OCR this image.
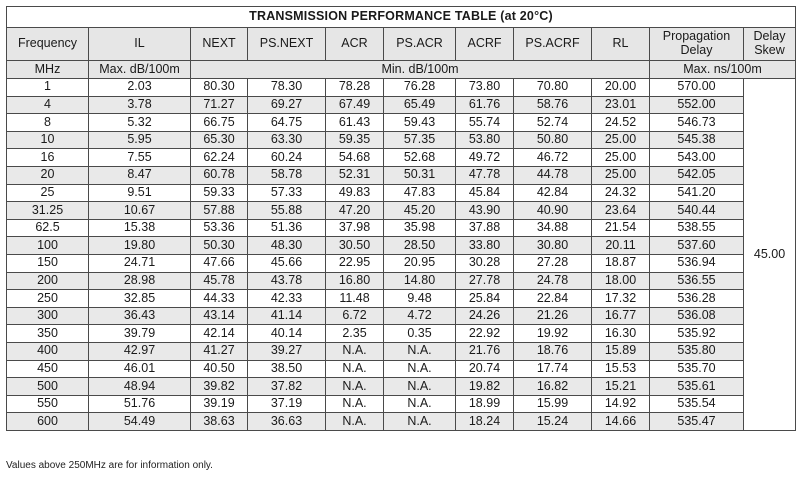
TRANSMISSION PERFORMANCE TABLE (at 20°C)										
Frequency	IL	NEXT	PS.NEXT	ACR	PS.ACR	ACRF	PS.ACRF	RL	Propagation Delay	Delay Skew
MHz	Max. dB/100m	Min. dB/100m							Max. ns/100m	
1	2.03	80.30	78.30	78.28	76.28	73.80	70.80	20.00	570.00	45.00
4	3.78	71.27	69.27	67.49	65.49	61.76	58.76	23.01	552.00	
8	5.32	66.75	64.75	61.43	59.43	55.74	52.74	24.52	546.73	
10	5.95	65.30	63.30	59.35	57.35	53.80	50.80	25.00	545.38	
16	7.55	62.24	60.24	54.68	52.68	49.72	46.72	25.00	543.00	
20	8.47	60.78	58.78	52.31	50.31	47.78	44.78	25.00	542.05	
25	9.51	59.33	57.33	49.83	47.83	45.84	42.84	24.32	541.20	
31.25	10.67	57.88	55.88	47.20	45.20	43.90	40.90	23.64	540.44	
62.5	15.38	53.36	51.36	37.98	35.98	37.88	34.88	21.54	538.55	
100	19.80	50.30	48.30	30.50	28.50	33.80	30.80	20.11	537.60	
150	24.71	47.66	45.66	22.95	20.95	30.28	27.28	18.87	536.94	
200	28.98	45.78	43.78	16.80	14.80	27.78	24.78	18.00	536.55	
250	32.85	44.33	42.33	11.48	9.48	25.84	22.84	17.32	536.28	
300	36.43	43.14	41.14	6.72	4.72	24.26	21.26	16.77	536.08	
350	39.79	42.14	40.14	2.35	0.35	22.92	19.92	16.30	535.92	
400	42.97	41.27	39.27	N.A.	N.A.	21.76	18.76	15.89	535.80	
450	46.01	40.50	38.50	N.A.	N.A.	20.74	17.74	15.53	535.70	
500	48.94	39.82	37.82	N.A.	N.A.	19.82	16.82	15.21	535.61	
550	51.76	39.19	37.19	N.A.	N.A.	18.99	15.99	14.92	535.54	
600	54.49	38.63	36.63	N.A.	N.A.	18.24	15.24	14.66	535.47	
Values above 250MHz are for information only.
